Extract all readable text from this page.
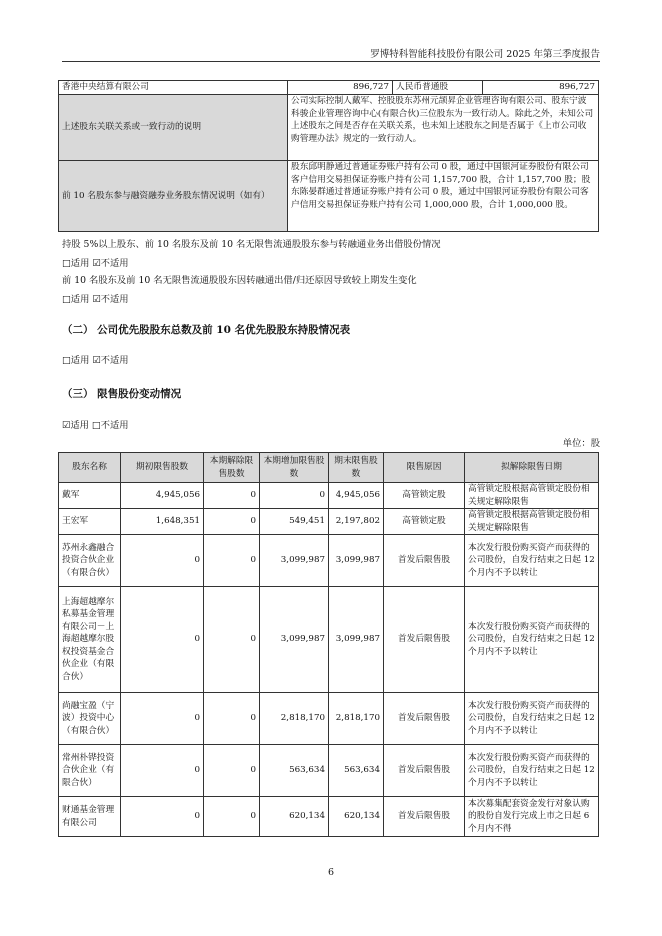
罗博特科智能科技股份有限公司 2025 年第三季度报告
香港中央结算有限公司	896,727	人民币普通股	896,727
上述股东关联关系或一致行动的说明	公司实际控制人戴军、控股股东苏州元颉昇企业管理咨询有限公司、股东宁波科骏企业管理咨询中心(有限合伙)三位股东为一致行动人。除此之外，未知公司上述股东之间是否存在关联关系，也未知上述股东之间是否属于《上市公司收购管理办法》规定的一致行动人。		
前 10 名股东参与融资融券业务股东情况说明（如有）	股东邱明静通过普通证券账户持有公司 0 股，通过中国银河证券股份有限公司客户信用交易担保证券账户持有公司 1,157,700 股，合计 1,157,700 股；股东陈晏群通过普通证券账户持有公司 0 股，通过中国银河证券股份有限公司客户信用交易担保证券账户持有公司 1,000,000 股，合计 1,000,000 股。		
持股 5%以上股东、前 10 名股东及前 10 名无限售流通股股东参与转融通业务出借股份情况
□适用 ☑不适用
前 10 名股东及前 10 名无限售流通股股东因转融通出借/归还原因导致较上期发生变化
□适用 ☑不适用
（二） 公司优先股股东总数及前 10 名优先股股东持股情况表
□适用 ☑不适用
（三） 限售股份变动情况
☑适用 □不适用
单位：股
股东名称	期初限售股数	本期解除限售股数	本期增加限售股数	期末限售股数	限售原因	拟解除限售日期
戴军	4,945,056	0	0	4,945,056	高管锁定股	高管锁定股根据高管锁定股份相关规定解除限售
王宏军	1,648,351	0	549,451	2,197,802	高管锁定股	高管锁定股根据高管锁定股份相关规定解除限售
苏州永鑫融合投资合伙企业（有限合伙）	0	0	3,099,987	3,099,987	首发后限售股	本次发行股份购买资产而获得的公司股份，自发行结束之日起 12 个月内不予以转让
上海超越摩尔私募基金管理有限公司－上海超越摩尔股权投资基金合伙企业（有限合伙）	0	0	3,099,987	3,099,987	首发后限售股	本次发行股份购买资产而获得的公司股份，自发行结束之日起 12 个月内不予以转让
尚融宝盈（宁波）投资中心（有限合伙）	0	0	2,818,170	2,818,170	首发后限售股	本次发行股份购买资产而获得的公司股份，自发行结束之日起 12 个月内不予以转让
常州朴铧投资合伙企业（有限合伙）	0	0	563,634	563,634	首发后限售股	本次发行股份购买资产而获得的公司股份，自发行结束之日起 12 个月内不予以转让
财通基金管理有限公司	0	0	620,134	620,134	首发后限售股	本次募集配套资金发行对象认购的股份自发行完成上市之日起 6 个月内不得
6
